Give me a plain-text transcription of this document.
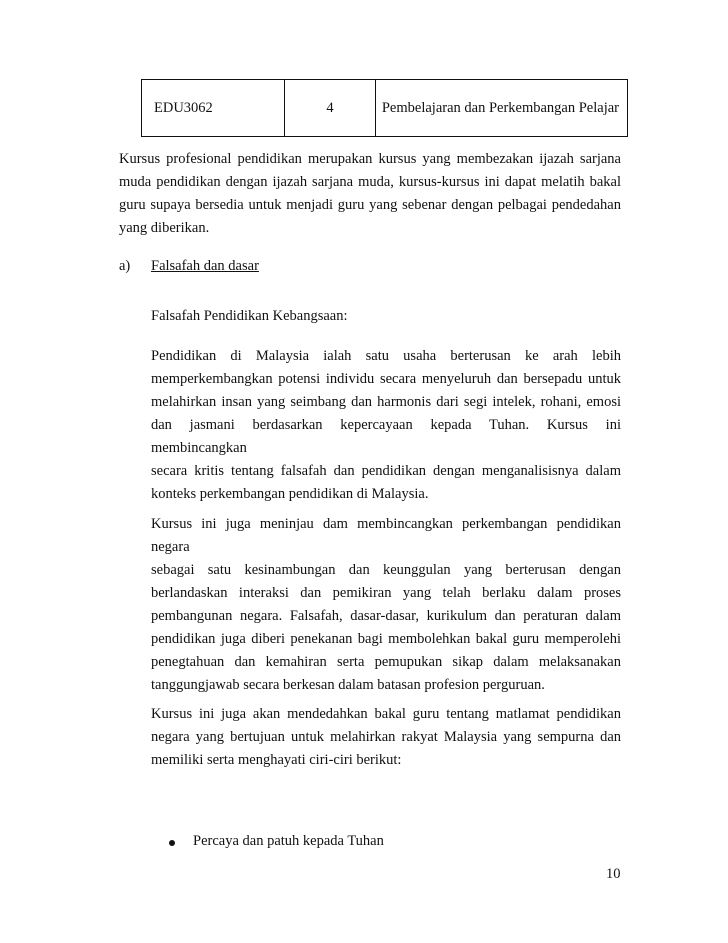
EDU3062	4	Pembelajaran dan Perkembangan Pelajar

Kursus profesional pendidikan merupakan kursus yang membezakan ijazah sarjana
muda pendidikan dengan ijazah sarjana muda, kursus-kursus ini dapat melatih bakal
guru supaya bersedia untuk menjadi guru yang sebenar dengan pelbagai pendedahan
yang diberikan.

a) Falsafah dan dasar
Falsafah Pendidikan Kebangsaan:

Pendidikan di Malaysia ialah satu usaha berterusan ke arah lebih
memperkembangkan potensi individu secara menyeluruh dan bersepadu untuk
melahirkan insan yang seimbang dan harmonis dari segi intelek, rohani, emosi
dan jasmani berdasarkan kepercayaan kepada Tuhan. Kursus ini membincangkan
secara kritis tentang falsafah dan pendidikan dengan menganalisisnya dalam
konteks perkembangan pendidikan di Malaysia.

Kursus ini juga meninjau dam membincangkan perkembangan pendidikan negara
sebagai satu kesinambungan dan keunggulan yang berterusan dengan
berlandaskan interaksi dan pemikiran yang telah berlaku dalam proses
pembangunan negara. Falsafah, dasar-dasar, kurikulum dan peraturan dalam
pendidikan juga diberi penekanan bagi membolehkan bakal guru memperolehi
penegtahuan dan kemahiran serta pemupukan sikap dalam melaksanakan
tanggungjawab secara berkesan dalam batasan profesion perguruan.

Kursus ini juga akan mendedahkan bakal guru tentang matlamat pendidikan
negara yang bertujuan untuk melahirkan rakyat Malaysia yang sempurna dan
memiliki serta menghayati ciri-ciri berikut:

Percaya dan patuh kepada Tuhan
10
